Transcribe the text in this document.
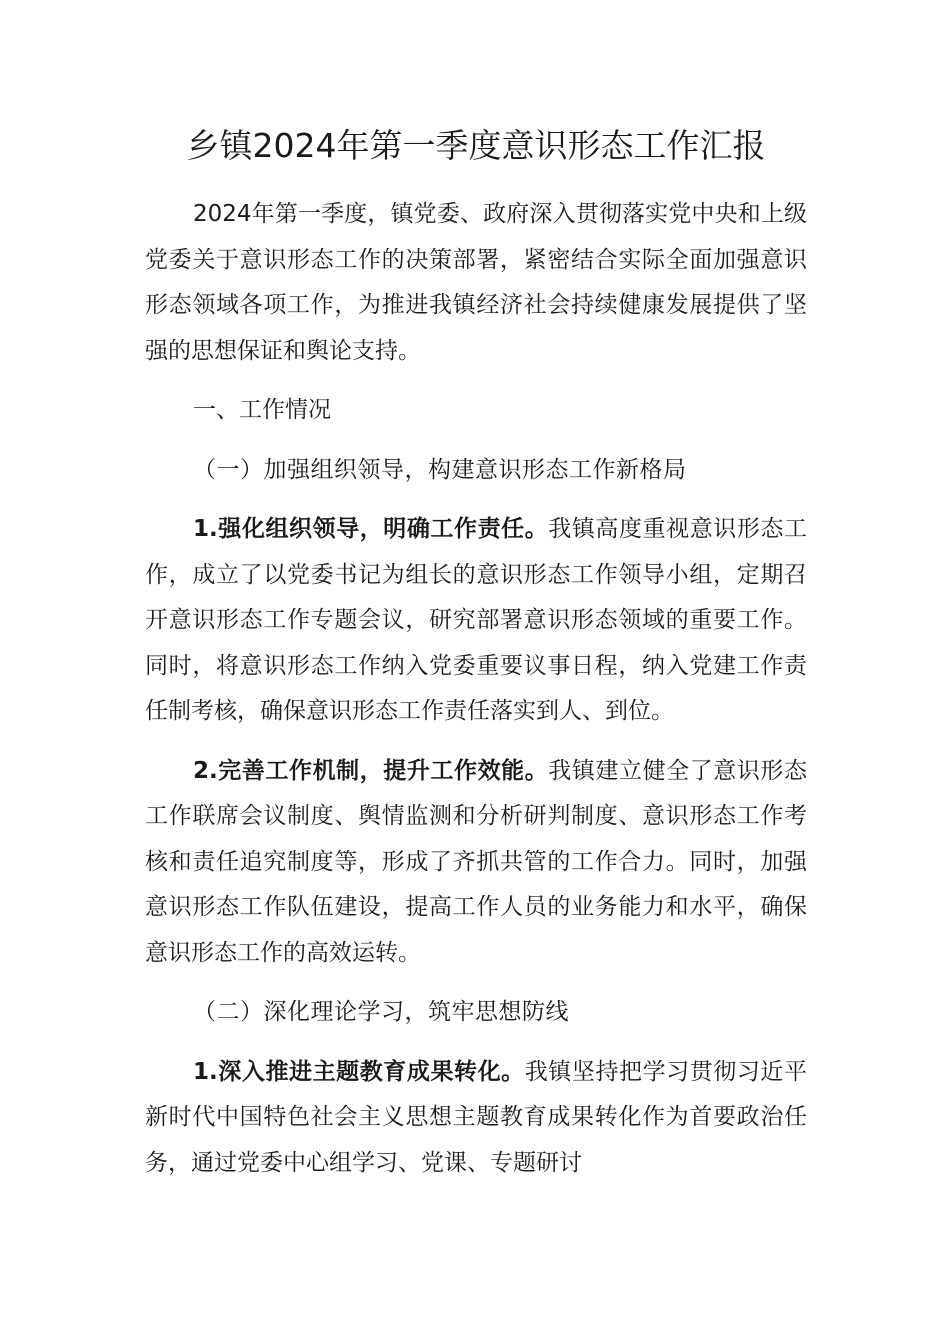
乡镇2024年第一季度意识形态工作汇报

2024年第一季度，镇党委、政府深入贯彻落实党中央和上级党委关于意识形态工作的决策部署，紧密结合实际全面加强意识形态领域各项工作，为推进我镇经济社会持续健康发展提供了坚强的思想保证和舆论支持。

一、工作情况

（一）加强组织领导，构建意识形态工作新格局

1.强化组织领导，明确工作责任。我镇高度重视意识形态工作，成立了以党委书记为组长的意识形态工作领导小组，定期召开意识形态工作专题会议，研究部署意识形态领域的重要工作。同时，将意识形态工作纳入党委重要议事日程，纳入党建工作责任制考核，确保意识形态工作责任落实到人、到位。

2.完善工作机制，提升工作效能。我镇建立健全了意识形态工作联席会议制度、舆情监测和分析研判制度、意识形态工作考核和责任追究制度等，形成了齐抓共管的工作合力。同时，加强意识形态工作队伍建设，提高工作人员的业务能力和水平，确保意识形态工作的高效运转。

（二）深化理论学习，筑牢思想防线

1.深入推进主题教育成果转化。我镇坚持把学习贯彻习近平新时代中国特色社会主义思想主题教育成果转化作为首要政治任务，通过党委中心组学习、党课、专题研讨
